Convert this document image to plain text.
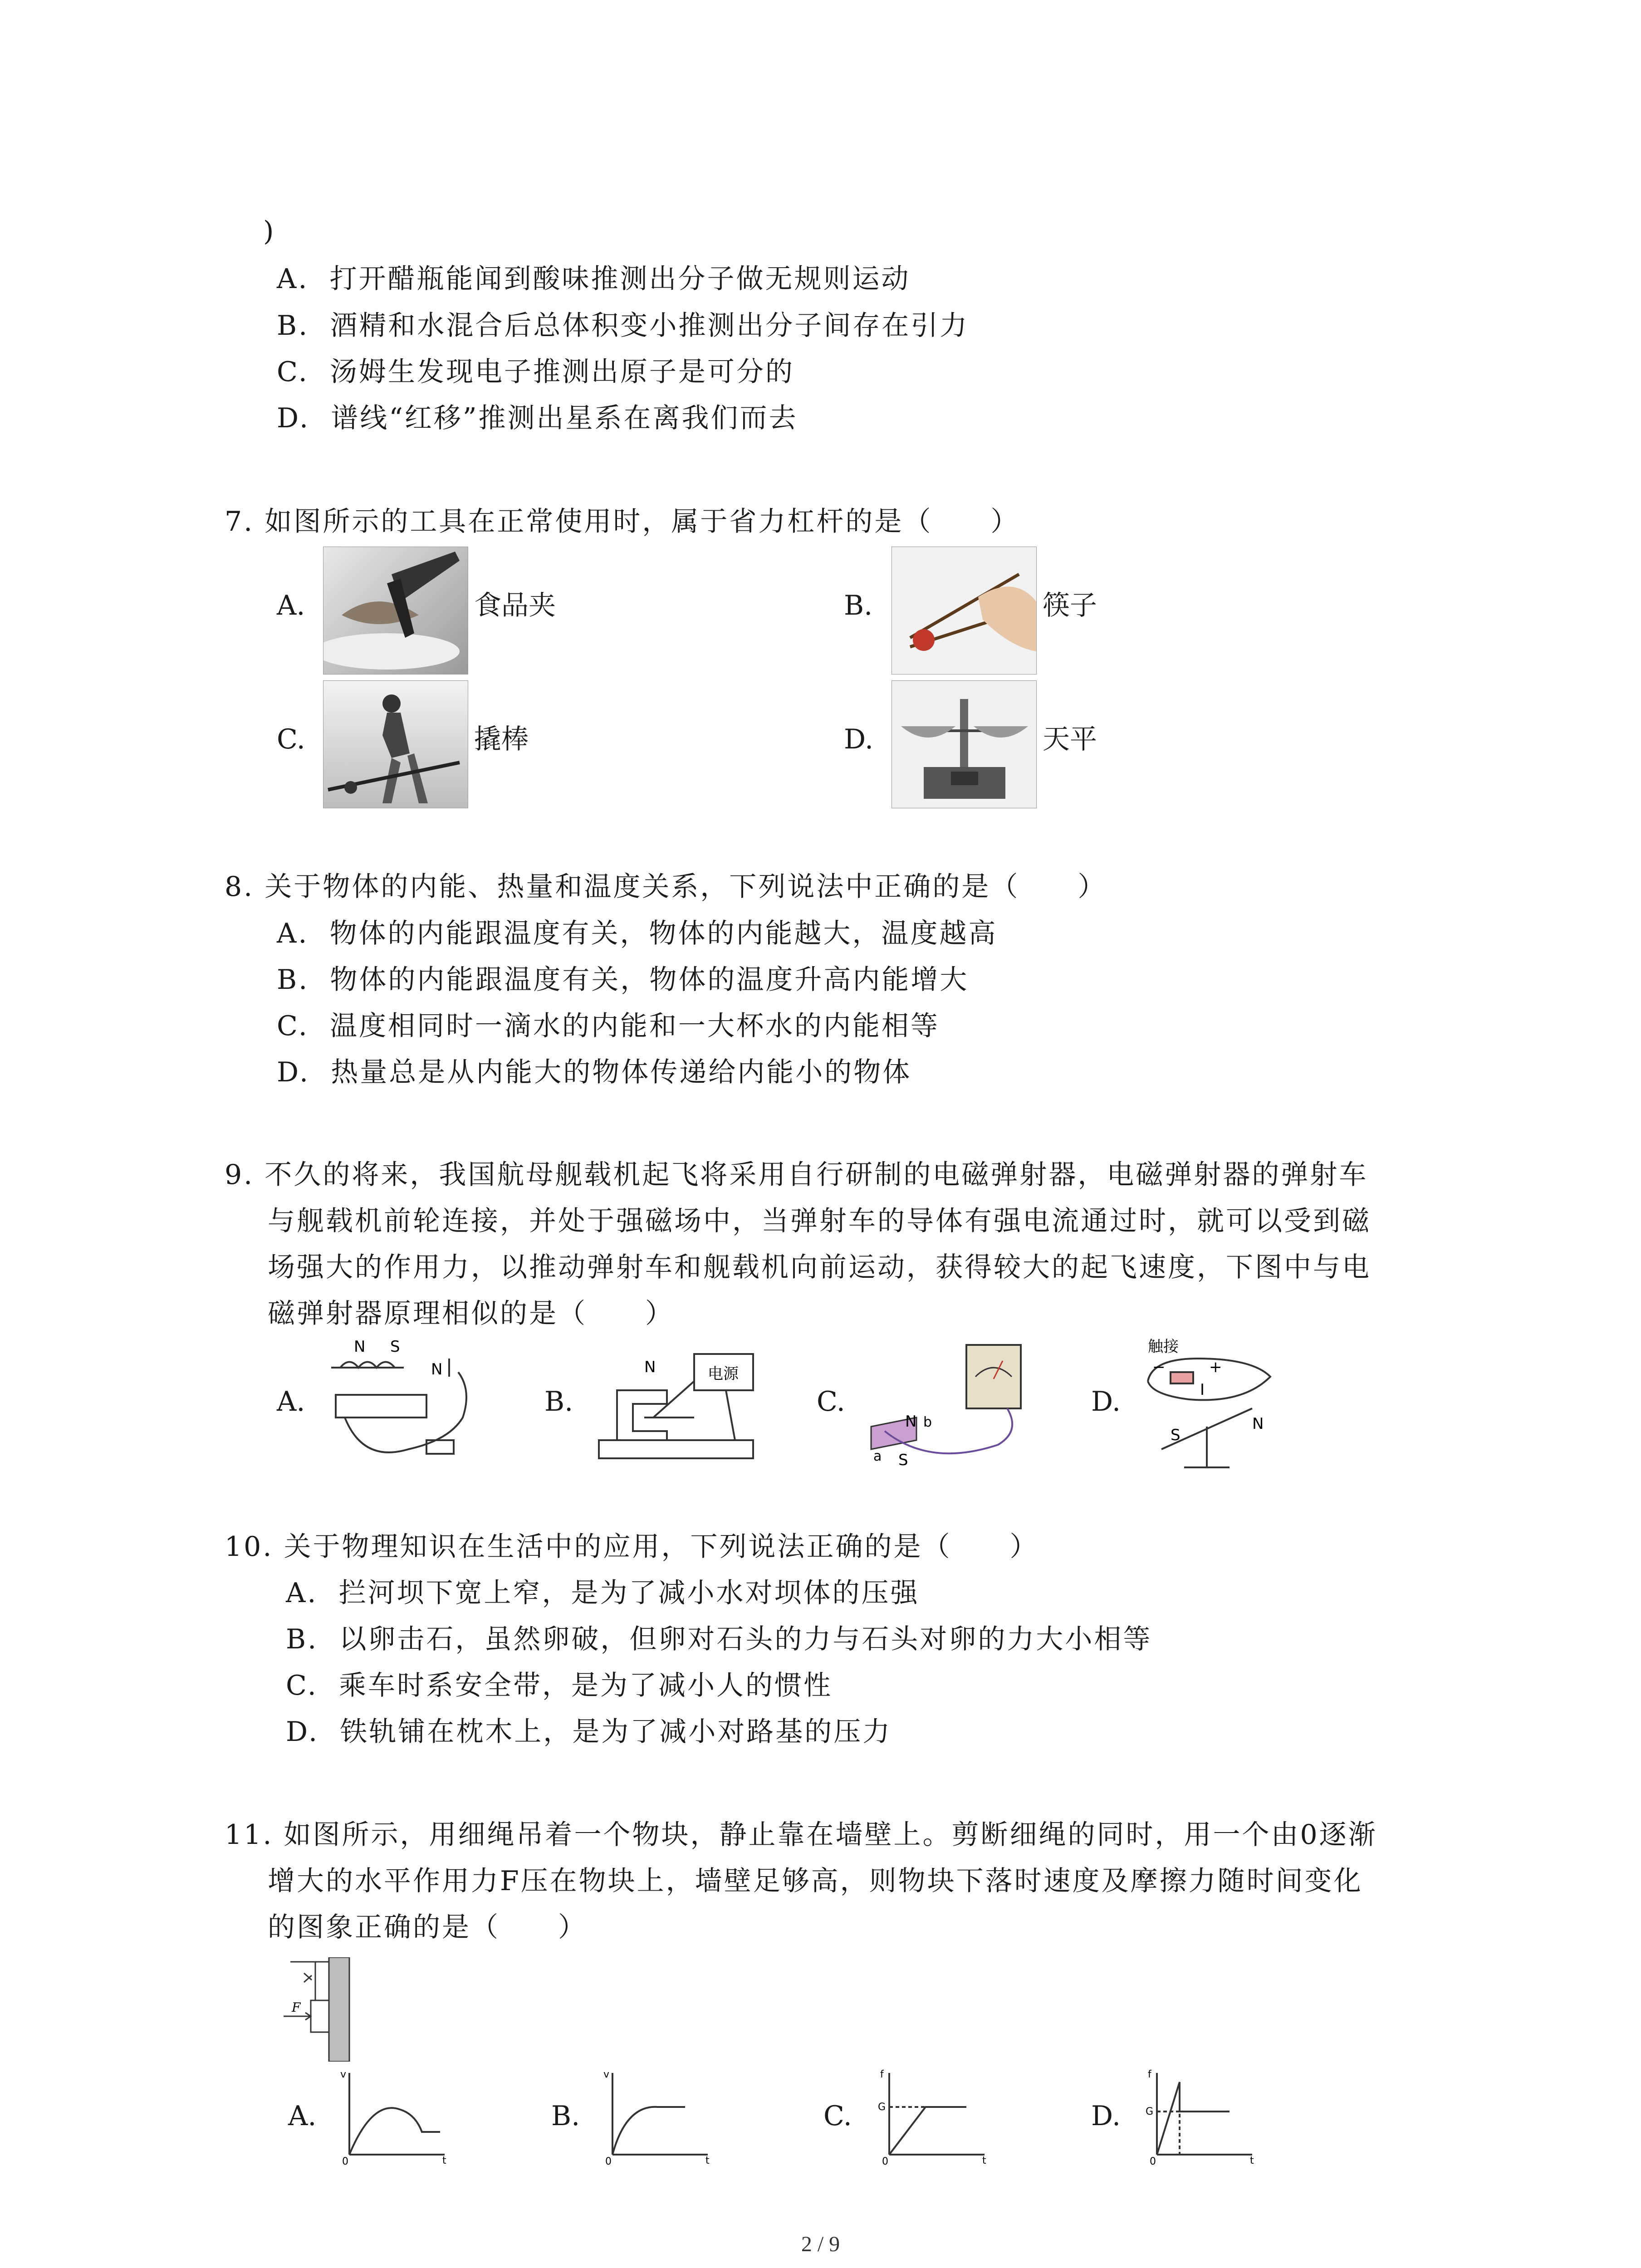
)
A. 打开醋瓶能闻到酸味推测出分子做无规则运动
B. 酒精和水混合后总体积变小推测出分子间存在引力
C. 汤姆生发现电子推测出原子是可分的
D. 谱线“红移”推测出星系在离我们而去
7. 如图所示的工具在正常使用时，属于省力杠杆的是（　　）
A.	食品夹	B.	筷子
C.	撬棒	D.	天平
8. 关于物体的内能、热量和温度关系，下列说法中正确的是（　　）
A. 物体的内能跟温度有关，物体的内能越大，温度越高
B. 物体的内能跟温度有关，物体的温度升高内能增大
C. 温度相同时一滴水的内能和一大杯水的内能相等
D. 热量总是从内能大的物体传递给内能小的物体
9. 不久的将来，我国航母舰载机起飞将采用自行研制的电磁弹射器，电磁弹射器的弹射车
与舰载机前轮连接，并处于强磁场中，当弹射车的导体有强电流通过时，就可以受到磁
场强大的作用力，以推动弹射车和舰载机向前运动，获得较大的起飞速度，下图中与电
磁弹射器原理相似的是（　　）
A.
N S
N
B.
N	电源
C.
N
S
a
b
D.
触接
+
−
I
S
N
10. 关于物理知识在生活中的应用，下列说法正确的是（　　）
A. 拦河坝下宽上窄，是为了减小水对坝体的压强
B. 以卵击石，虽然卵破，但卵对石头的力与石头对卵的力大小相等
C. 乘车时系安全带，是为了减小人的惯性
D. 铁轨铺在枕木上，是为了减小对路基的压力
11. 如图所示，用细绳吊着一个物块，静止靠在墙壁上。剪断细绳的同时，用一个由0逐渐
增大的水平作用力F压在物块上，墙壁足够高，则物块下落时速度及摩擦力随时间变化
的图象正确的是（　　）
F
A.
v
t
0
B.
v
t
0
C.
f
G
t
0
D.
f
G
t
0
2 / 9
